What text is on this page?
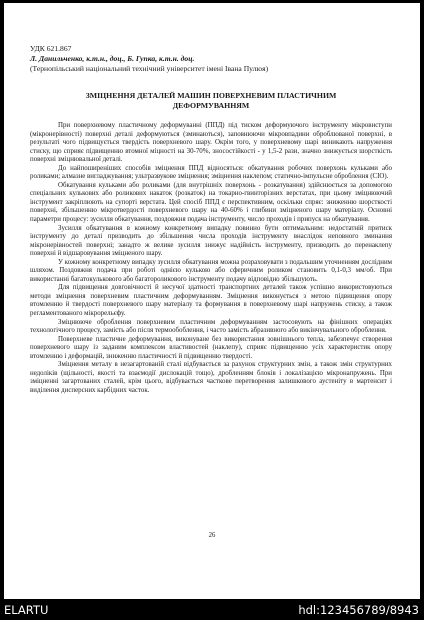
УДК 621.867
Л. Данильченко, к.т.н., доц., Б. Гупка, к.т.н. доц.
(Тернопільський національний технічний університет імені Івана Пулюя)
ЗМІЦНЕННЯ ДЕТАЛЕЙ МАШИН ПОВЕРХНЕВИМ ПЛАСТИЧНИМ ДЕФОРМУВАННЯМ

При поверхневому пластичному деформуванні (ППД) під тиском деформуючого інструменту мікровиступи (мікронерівності) поверхні деталі деформуються (зминаються), заповнюючи мікровпадини оброблюваної поверхні, в результаті чого підвищується твердість поверхневого шару. Окрім того, у поверхневому шарі виникають напруження стиску, що сприяє підвищенню втомної міцності на 30-70%, зносостійкості - у 1,5-2 рази, значно знижується шорсткість поверхні зміцнювальної деталі.

До найпоширеніших способів зміцнення ППД відносяться: обкатування робочих поверхонь кульками або роликами; алмазне вигладжування; ультразвукове зміцнення; зміцнення наклепом; статично-імпульсне оброблення (СІО).

Обкатування кульками або роликами (для внутрішніх поверхонь - розкатування) здійснюється за допомогою спеціальних кулькових або роликових накаток (розкаток) на токарно-гвинторізних верстатах, при цьому зміцнюючий інструмент закріплюють на супорті верстата. Цей спосіб ППД є перспективним, оскільки спряє: зниженню шорсткості поверхні, збільшенню мікротвердості поверхневого шару на 40-60% і глибини зміцненого шару матеріалу. Основні параметри процесу: зусилля обкатування, поздовжня подача інструменту, число проходів і припуск на обкатування.

Зусилля обкатування в кожному конкретному випадку повинно бути оптимальним: недостатній притиск інструменту до деталі призводить до збільшення числа проходів інструменту внаслідок неповного зминання мікронерівностей поверхні; занадто ж велике зусилля знижує надійність інструменту, призводить до перенаклепу поверхні й відшаровування зміцненого шару.

У кожному конкретному випадку зусилля обкатування можна розраховувати з подальшим уточненням дослідним шляхом. Поздовжня подача при роботі однією кулькою або сферичним роликом становить 0,1-0,3 мм/об. При використанні багатокулькового або багатороликового інструменту подачу відповідно збільшують.

Для підвищення довговічності й несучої здатності транспортних деталей також успішно використовуються методи зміцнення поверхневим пластичним деформуванням. Зміцнення виконується з метою підвищення опору втомленню й твердості поверхневого шару матеріалу та формування в поверхневому шарі напружень стиску, а також регламентованого мікрорельєфу.

Зміцнююче оброблення поверхневим пластичним деформуванням застосовують на фінішних операціях технологічного процесу, замість або після термообоблення, і часто замість абразивного або викінчувального оброблення.

Поверхневе пластичне деформування, виконуване без використання зовнішнього тепла, забезпечує створення поверхневого шару із заданим комплексом властивостей (наклепу), сприяє підвищенню усіх характеристик опору втомленню і деформацій, зниженню пластичності й підвищенню твердості.

Зміцнення металу в незагартованій сталі відбувається за рахунок структурних змін, а також змін структурних недоліків (щільності, якості та взаємодії дислокацій тощо), дробленням блоків і локалізацією мікронапружень. При зміцненні загартованих сталей, крім цього, відбувається часткове перетворення залишкового аустеніту в мартенсит і виділення дисперсних карбідних часток.

26
ELARTU	hdl:123456789/8943
